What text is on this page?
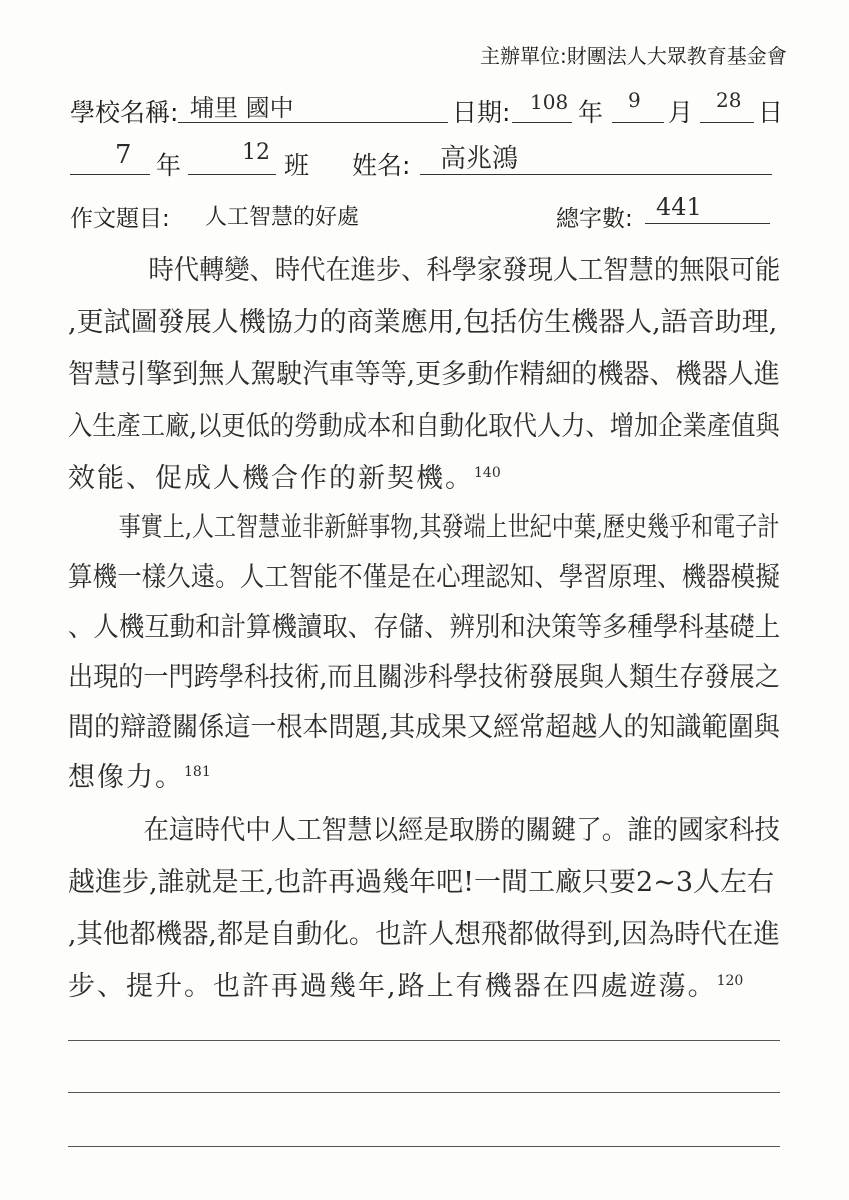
主辦單位:財團法人大眾教育基金會
學校名稱: 埔里 國中	日期: 108 年 9 月 28 日
7 年	12 班 姓名: 高兆鴻
作文題目: 人工智慧的好處	總字數: 441
時代轉變、時代在進步、科學家發現人工智慧的無限可能
,更試圖發展人機協力的商業應用,包括仿生機器人,語音助理,
智慧引擎到無人駕駛汽車等等,更多動作精細的機器、機器人進
入生產工廠,以更低的勞動成本和自動化取代人力、增加企業產值與
效能、促成人機合作的新契機。$^{140}$
事實上,人工智慧並非新鮮事物,其發端上世紀中葉,歷史幾乎和電子計
算機一樣久遠。人工智能不僅是在心理認知、學習原理、機器模擬
、人機互動和計算機讀取、存儲、辨別和決策等多種學科基礎上
出現的一門跨學科技術,而且關涉科學技術發展與人類生存發展之
間的辯證關係這一根本問題,其成果又經常超越人的知識範圍與
想像力。$^{181}$
在這時代中人工智慧以經是取勝的關鍵了。誰的國家科技
越進步,誰就是王,也許再過幾年吧!一間工廠只要2~3人左右
,其他都機器,都是自動化。也許人想飛都做得到,因為時代在進
步、提升。也許再過幾年,路上有機器在四處遊蕩。$^{120}$
